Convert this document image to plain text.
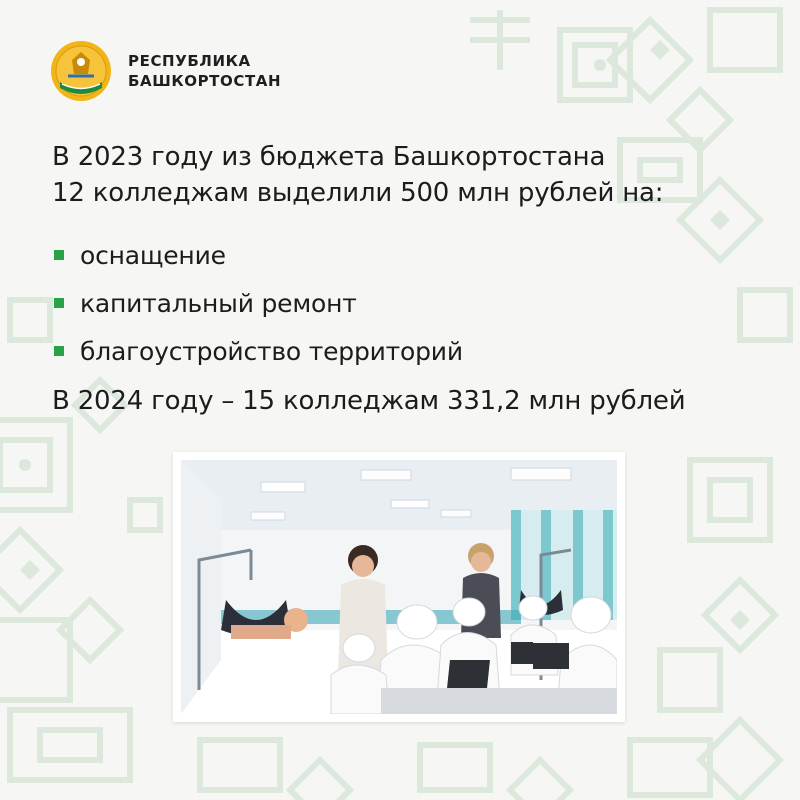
РЕСПУБЛИКА
БАШКОРТОСТАН
В 2023 году из бюджета Башкортостана
12 колледжам выделили 500 млн рублей на:
оснащение
капитальный ремонт
благоустройство территорий
В 2024 году – 15 колледжам 331,2 млн рублей
